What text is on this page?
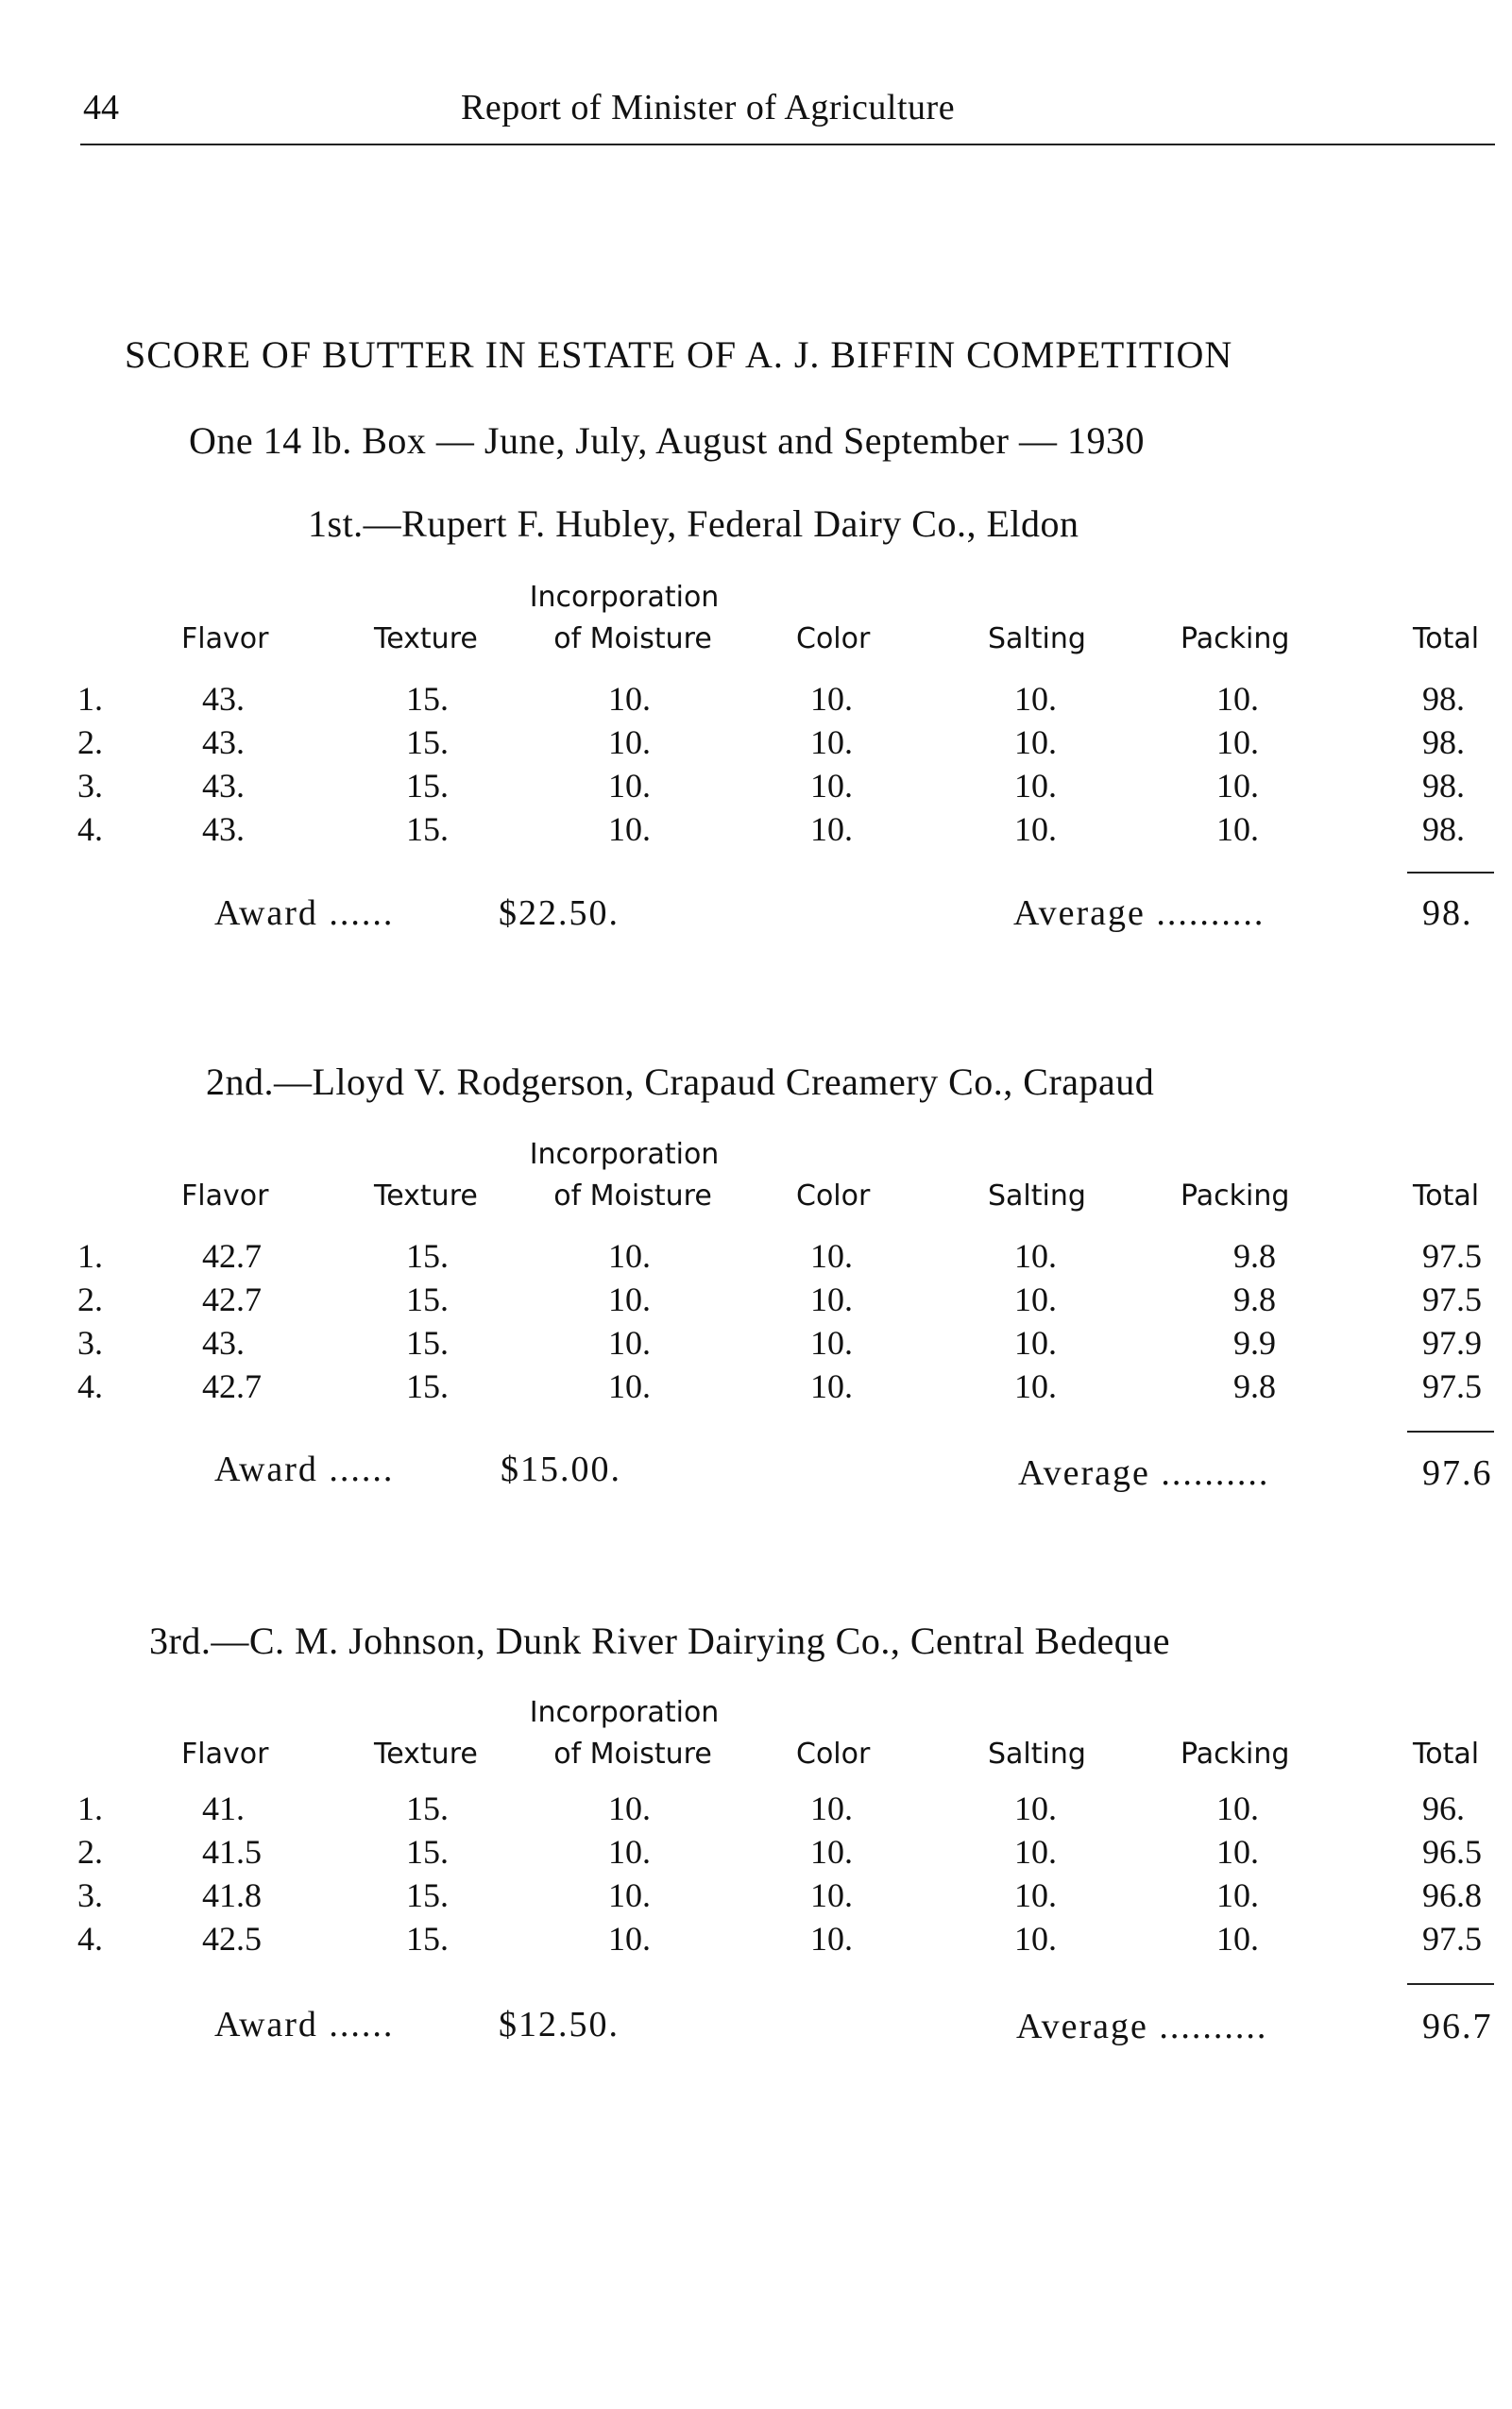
44	Report of Minister of Agriculture
SCORE OF BUTTER IN ESTATE OF A. J. BIFFIN COMPETITION
One 14 lb. Box — June, July, August and September — 1930
1st.—Rupert F. Hubley, Federal Dairy Co., Eldon
Incorporation
Flavor	Texture	of Moisture	Color	Salting	Packing	Total
1.	43.	15.	10.	10.	10.	10.	98.
2.	43.	15.	10.	10.	10.	10.	98.
3.	43.	15.	10.	10.	10.	10.	98.
4.	43.	15.	10.	10.	10.	10.	98.
Award ......	$22.50.	Average ..........	98.
2nd.—Lloyd V. Rodgerson, Crapaud Creamery Co., Crapaud
Incorporation
Flavor	Texture	of Moisture	Color	Salting	Packing	Total
1.	42.7	15.	10.	10.	10.	9.8	97.5
2.	42.7	15.	10.	10.	10.	9.8	97.5
3.	43.	15.	10.	10.	10.	9.9	97.9
4.	42.7	15.	10.	10.	10.	9.8	97.5
Award ......	$15.00.	Average ..........	97.6
3rd.—C. M. Johnson, Dunk River Dairying Co., Central Bedeque
Incorporation
Flavor	Texture	of Moisture	Color	Salting	Packing	Total
1.	41.	15.	10.	10.	10.	10.	96.
2.	41.5	15.	10.	10.	10.	10.	96.5
3.	41.8	15.	10.	10.	10.	10.	96.8
4.	42.5	15.	10.	10.	10.	10.	97.5
Award ......	$12.50.	Average ..........	96.7
